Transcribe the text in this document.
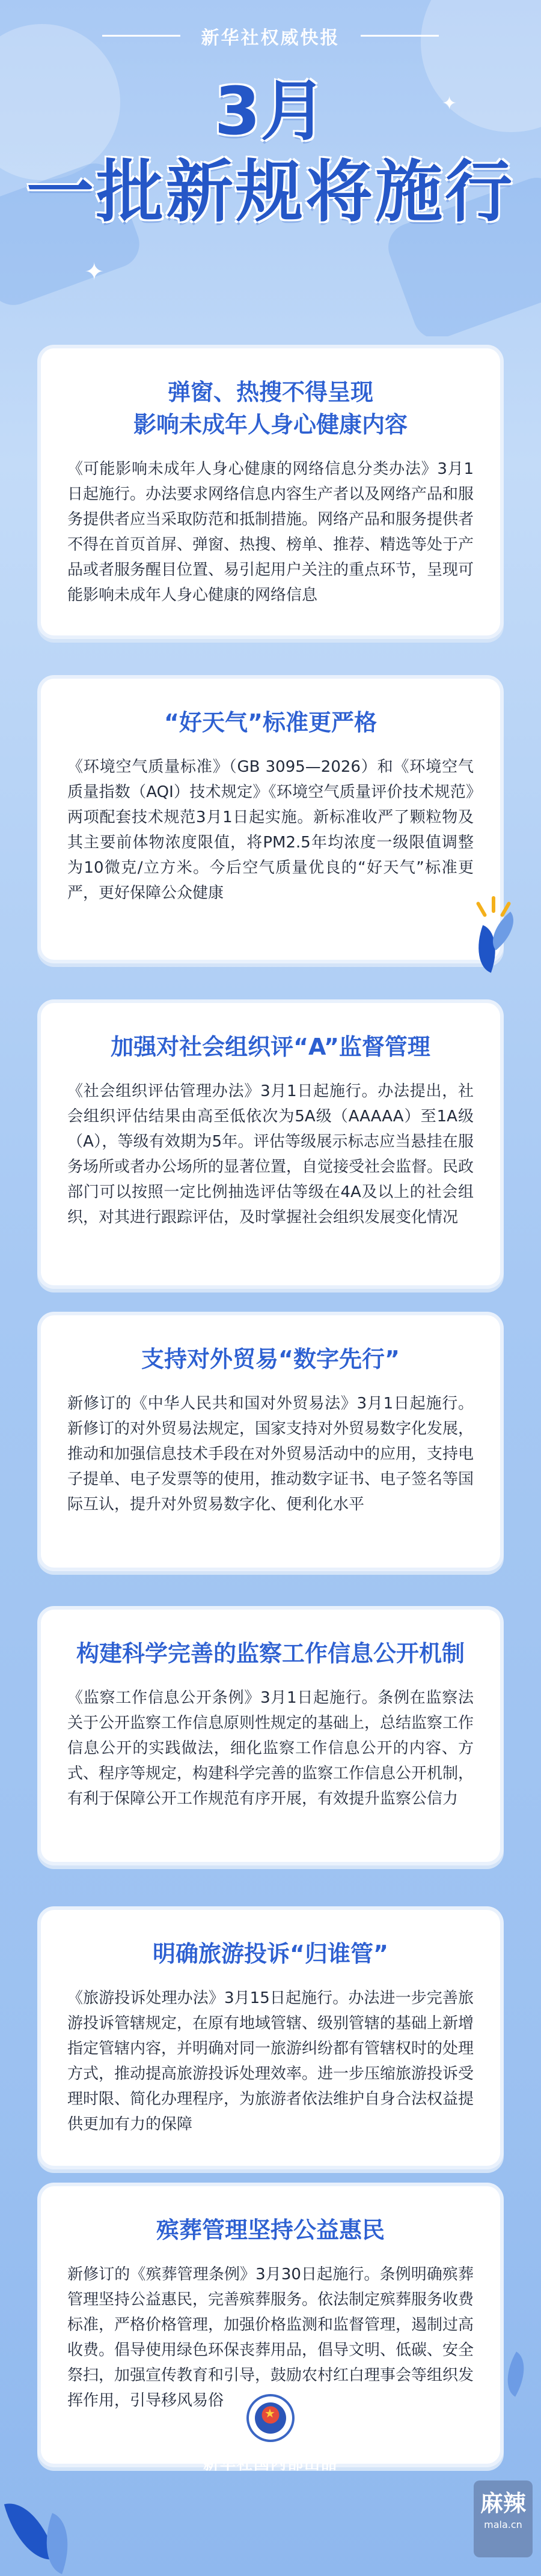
新华社权威快报
3月
一批新规将施行
✦
✦
弹窗、热搜不得呈现
影响未成年人身心健康内容

《可能影响未成年人身心健康的网络信息分类办法》3月1日起施行。办法要求网络信息内容生产者以及网络产品和服务提供者应当采取防范和抵制措施。网络产品和服务提供者不得在首页首屏、弹窗、热搜、榜单、推荐、精选等处于产品或者服务醒目位置、易引起用户关注的重点环节，呈现可能影响未成年人身心健康的网络信息

“好天气”标准更严格

《环境空气质量标准》（GB 3095—2026）和《环境空气质量指数（AQI）技术规定》《环境空气质量评价技术规范》两项配套技术规范3月1日起实施。新标准收严了颗粒物及其主要前体物浓度限值，将PM2.5年均浓度一级限值调整为10微克/立方米。今后空气质量优良的“好天气”标准更严，更好保障公众健康

加强对社会组织评“A”监督管理

《社会组织评估管理办法》3月1日起施行。办法提出，社会组织评估结果由高至低依次为5A级（AAAAA）至1A级（A），等级有效期为5年。评估等级展示标志应当悬挂在服务场所或者办公场所的显著位置，自觉接受社会监督。民政部门可以按照一定比例抽选评估等级在4A及以上的社会组织，对其进行跟踪评估，及时掌握社会组织发展变化情况

支持对外贸易“数字先行”

新修订的《中华人民共和国对外贸易法》3月1日起施行。新修订的对外贸易法规定，国家支持对外贸易数字化发展，推动和加强信息技术手段在对外贸易活动中的应用，支持电子提单、电子发票等的使用，推动数字证书、电子签名等国际互认，提升对外贸易数字化、便利化水平

构建科学完善的监察工作信息公开机制

《监察工作信息公开条例》3月1日起施行。条例在监察法关于公开监察工作信息原则性规定的基础上，总结监察工作信息公开的实践做法，细化监察工作信息公开的内容、方式、程序等规定，构建科学完善的监察工作信息公开机制，有利于保障公开工作规范有序开展，有效提升监察公信力

明确旅游投诉“归谁管”

《旅游投诉处理办法》3月15日起施行。办法进一步完善旅游投诉管辖规定，在原有地域管辖、级别管辖的基础上新增指定管辖内容，并明确对同一旅游纠纷都有管辖权时的处理方式，推动提高旅游投诉处理效率。进一步压缩旅游投诉受理时限、简化办理程序，为旅游者依法维护自身合法权益提供更加有力的保障

殡葬管理坚持公益惠民

新修订的《殡葬管理条例》3月30日起施行。条例明确殡葬管理坚持公益惠民，完善殡葬服务。依法制定殡葬服务收费标准，严格价格管理，加强价格监测和监督管理，遏制过高收费。倡导使用绿色环保丧葬用品，倡导文明、低碳、安全祭扫，加强宣传教育和引导，鼓励农村红白理事会等组织发挥作用，引导移风易俗

★
新华社国内部出品
麻辣
mala.cn
